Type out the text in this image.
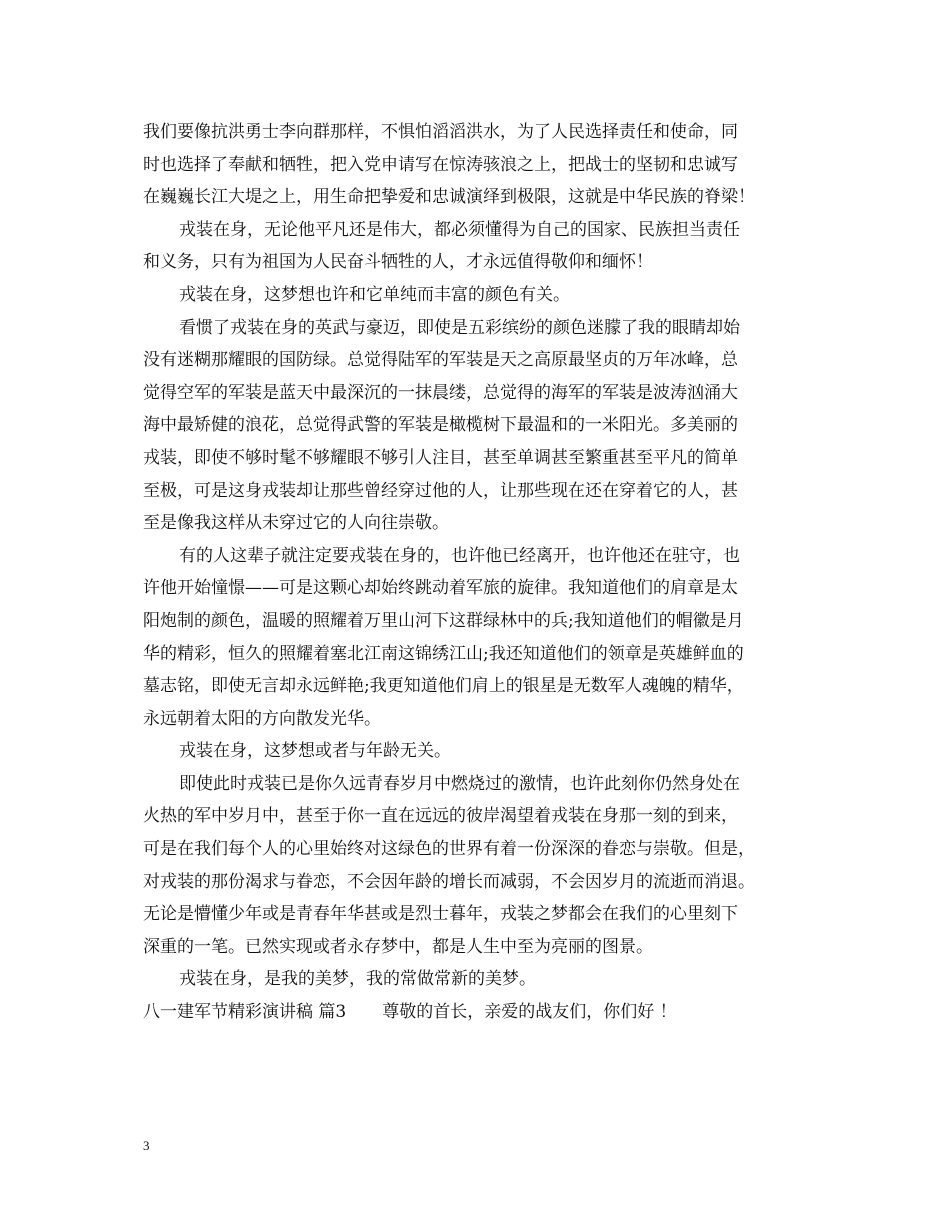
我们要像抗洪勇士李向群那样，不惧怕滔滔洪水，为了人民选择责任和使命，同
时也选择了奉献和牺牲，把入党申请写在惊涛骇浪之上，把战士的坚韧和忠诚写
在巍巍长江大堤之上，用生命把挚爱和忠诚演绎到极限，这就是中华民族的脊梁！
戎装在身，无论他平凡还是伟大，都必须懂得为自己的国家、民族担当责任
和义务，只有为祖国为人民奋斗牺牲的人，才永远值得敬仰和缅怀！
戎装在身，这梦想也许和它单纯而丰富的颜色有关。
看惯了戎装在身的英武与豪迈，即使是五彩缤纷的颜色迷朦了我的眼睛却始
没有迷糊那耀眼的国防绿。总觉得陆军的军装是天之高原最坚贞的万年冰峰，总
觉得空军的军装是蓝天中最深沉的一抹晨缕，总觉得的海军的军装是波涛汹涌大
海中最矫健的浪花，总觉得武警的军装是橄榄树下最温和的一米阳光。多美丽的
戎装，即使不够时髦不够耀眼不够引人注目，甚至单调甚至繁重甚至平凡的简单
至极，可是这身戎装却让那些曾经穿过他的人，让那些现在还在穿着它的人，甚
至是像我这样从未穿过它的人向往崇敬。
有的人这辈子就注定要戎装在身的，也许他已经离开，也许他还在驻守，也
许他开始憧憬——可是这颗心却始终跳动着军旅的旋律。我知道他们的肩章是太
阳炮制的颜色，温暖的照耀着万里山河下这群绿林中的兵;我知道他们的帽徽是月
华的精彩，恒久的照耀着塞北江南这锦绣江山;我还知道他们的领章是英雄鲜血的
墓志铭，即使无言却永远鲜艳;我更知道他们肩上的银星是无数军人魂魄的精华，
永远朝着太阳的方向散发光华。
戎装在身，这梦想或者与年龄无关。
即使此时戎装已是你久远青春岁月中燃烧过的激情，也许此刻你仍然身处在
火热的军中岁月中，甚至于你一直在远远的彼岸渴望着戎装在身那一刻的到来，
可是在我们每个人的心里始终对这绿色的世界有着一份深深的眷恋与崇敬。但是，
对戎装的那份渴求与眷恋，不会因年龄的增长而减弱，不会因岁月的流逝而消退。
无论是懵懂少年或是青春年华甚或是烈士暮年，戎装之梦都会在我们的心里刻下
深重的一笔。已然实现或者永存梦中，都是人生中至为亮丽的图景。
戎装在身，是我的美梦，我的常做常新的美梦。
八一建军节精彩演讲稿 篇3 尊敬的首长，亲爱的战友们，你们好 ！
3
